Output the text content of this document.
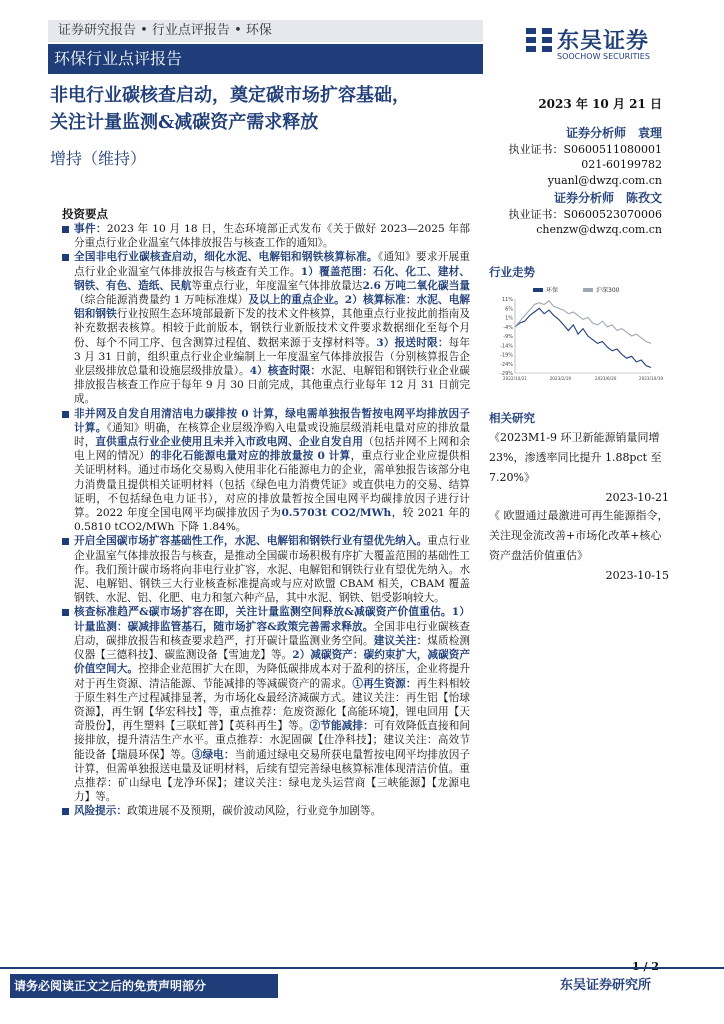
证券研究报告 • 行业点评报告 • 环保
环保行业点评报告
东吴证券
SOOCHOW SECURITIES
非电行业碳核查启动，奠定碳市场扩容基础，
关注计量监测&减碳资产需求释放
增持（维持）
2023 年 10 月 21 日
证券分析师　袁理
执业证书：S0600511080001
021-60199782
yuanl@dwzq.com.cn
证券分析师　陈孜文
执业证书：S0600523070006
chenzw@dwzq.com.cn
投资要点
事件：2023 年 10 月 18 日，生态环境部正式发布《关于做好 2023—2025 年部分重点行业企业温室气体排放报告与核查工作的通知》。
全国非电行业碳核查启动，细化水泥、电解铝和钢铁核算标准。《通知》要求开展重点行业企业温室气体排放报告与核查有关工作。1）覆盖范围：石化、化工、建材、钢铁、有色、造纸、民航等重点行业，年度温室气体排放量达2.6 万吨二氧化碳当量（综合能源消费量约 1 万吨标准煤）及以上的重点企业。2）核算标准：水泥、电解铝和钢铁行业按照生态环境部最新下发的技术文件核算，其他重点行业按此前指南及补充数据表核算。相较于此前版本，钢铁行业新版技术文件要求数据细化至每个月份、每个不同工序、包含测算过程值、数据来源于支撑材料等。3）报送时限：每年 3 月 31 日前，组织重点行业企业编制上一年度温室气体排放报告（分别核算报告企业层级排放总量和设施层级排放量）。4）核查时限：水泥、电解铝和钢铁行业企业碳排放报告核查工作应于每年 9 月 30 日前完成，其他重点行业每年 12 月 31 日前完成。
非并网及自发自用清洁电力碳排按 0 计算，绿电需单独报告暂按电网平均排放因子计算。《通知》明确，在核算企业层级净购入电量或设施层级消耗电量对应的排放量时，直供重点行业企业使用且未并入市政电网、企业自发自用（包括并网不上网和余电上网的情况）的非化石能源电量对应的排放量按 0 计算，重点行业企业应提供相关证明材料。通过市场化交易购入使用非化石能源电力的企业，需单独报告该部分电力消费量且提供相关证明材料（包括《绿色电力消费凭证》或直供电力的交易、结算证明，不包括绿色电力证书），对应的排放量暂按全国电网平均碳排放因子进行计算。2022 年度全国电网平均碳排放因子为0.5703t CO2/MWh，较 2021 年的 0.5810 tCO2/MWh 下降 1.84%。
开启全国碳市场扩容基础性工作，水泥、电解铝和钢铁行业有望优先纳入。重点行业企业温室气体排放报告与核查，是推动全国碳市场积极有序扩大覆盖范围的基础性工作。我们预计碳市场将向非电行业扩容，水泥、电解铝和钢铁行业有望优先纳入。水泥、电解铝、钢铁三大行业核查标准提高或与应对欧盟 CBAM 相关，CBAM 覆盖钢铁、水泥、铝、化肥、电力和氢六种产品，其中水泥、钢铁、铝受影响较大。
核查标准趋严&碳市场扩容在即，关注计量监测空间释放&减碳资产价值重估。1）计量监测：碳减排监管基石，随市场扩容&政策完善需求释放。全国非电行业碳核查启动，碳排放报告和核查要求趋严，打开碳计量监测业务空间。建议关注：煤质检测仪器【三德科技】、碳监测设备【雪迪龙】等。2）减碳资产：碳约束扩大，减碳资产价值空间大。控排企业范围扩大在即，为降低碳排成本对于盈利的挤压，企业将提升对于再生资源、清洁能源、节能减排的等减碳资产的需求。①再生资源：再生料相较于原生料生产过程减排显著，为市场化&最经济减碳方式。建议关注：再生铝【怡球资源】，再生钢【华宏科技】等，重点推荐：危废资源化【高能环境】，锂电回用【天奇股份】，再生塑料【三联虹普】【英科再生】等。②节能减排：可有效降低直接和间接排放，提升清洁生产水平。重点推荐：水泥固碳【仕净科技】；建议关注：高效节能设备【瑞晨环保】等。③绿电：当前通过绿电交易所获电量暂按电网平均排放因子计算，但需单独报送电量及证明材料，后续有望完善绿电核算标准体现清洁价值。重点推荐：矿山绿电【龙净环保】；建议关注：绿电龙头运营商【三峡能源】【龙源电力】等。
风险提示：政策进展不及预期，碳价波动风险，行业竞争加剧等。
行业走势
11%
6%
1%
-4%
-9%
-14%
-19%
-24%
-29%
2022/10/21	2023/2/19	2023/6/20	2023/10/19
环保	沪深300
相关研究
《2023M1-9 环卫新能源销量同增 23%，渗透率同比提升 1.88pct 至 7.20%》
2023-10-21
《 欧盟通过最激进可再生能源指令，关注现金流改善+市场化改革+核心资产盘活价值重估》
2023-10-15
请务必阅读正文之后的免责声明部分	东吴证券研究所
